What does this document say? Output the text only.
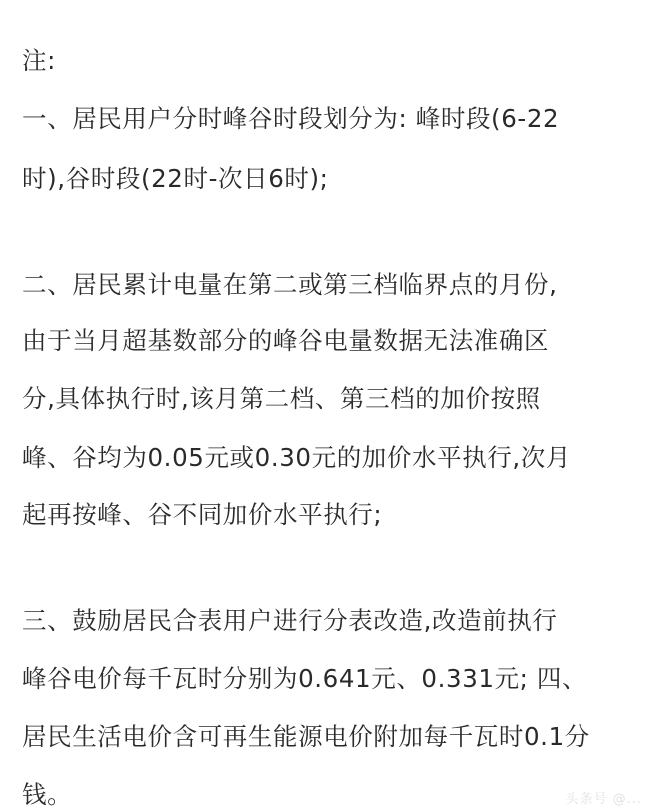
注:
一、居民用户分时峰谷时段划分为: 峰时段(6-22
时),谷时段(22时-次日6时);
二、居民累计电量在第二或第三档临界点的月份,
由于当月超基数部分的峰谷电量数据无法准确区
分,具体执行时,该月第二档、第三档的加价按照
峰、谷均为0.05元或0.30元的加价水平执行,次月
起再按峰、谷不同加价水平执行;
三、鼓励居民合表用户进行分表改造,改造前执行
峰谷电价每千瓦时分别为0.641元、0.331元; 四、
居民生活电价含可再生能源电价附加每千瓦时0.1分
钱。	头条号 @...
